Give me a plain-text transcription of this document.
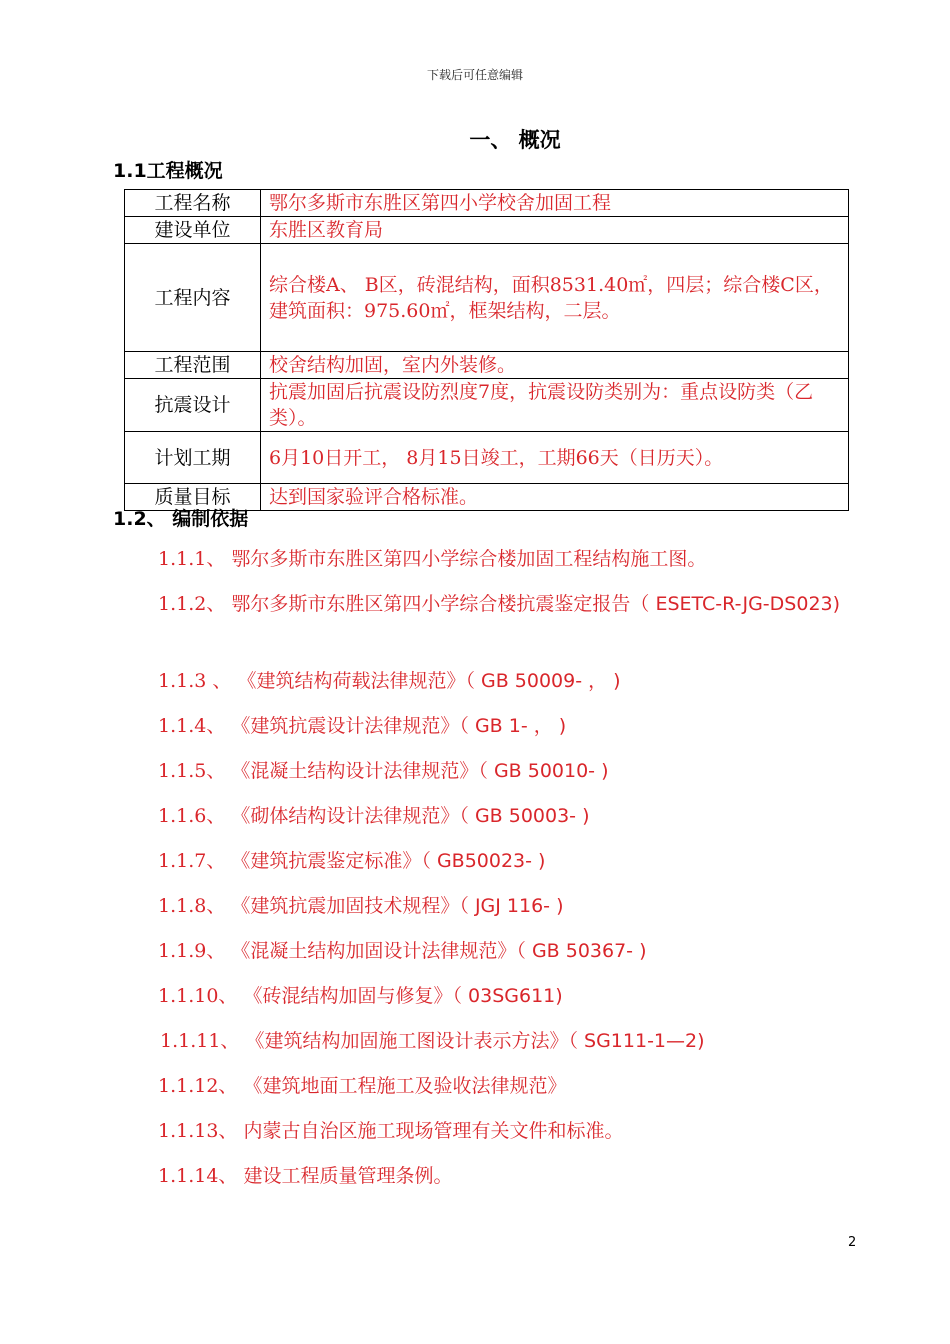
下载后可任意编辑
一、 概况
1.1工程概况
工程名称	鄂尔多斯市东胜区第四小学校舍加固工程
建设单位	东胜区教育局
工程内容	综合楼A、 B区，砖混结构，面积8531.40㎡，四层；综合楼C区，建筑面积：975.60㎡，框架结构，二层。
工程范围	校舍结构加固，室内外装修。
抗震设计	抗震加固后抗震设防烈度7度，抗震设防类别为：重点设防类（乙类）。
计划工期	6月10日开工， 8月15日竣工，工期66天（日历天）。
质量目标	达到国家验评合格标准。
1.2、 编制依据
1.1.1、 鄂尔多斯市东胜区第四小学综合楼加固工程结构施工图。
1.1.2、 鄂尔多斯市东胜区第四小学综合楼抗震鉴定报告（ ESETC-R-JG-DS023)
1.1.3 、 《建筑结构荷载法律规范》（ GB 50009- ， )
1.1.4、 《建筑抗震设计法律规范》（ GB 1- ， )
1.1.5、 《混凝土结构设计法律规范》（ GB 50010- )
1.1.6、 《砌体结构设计法律规范》（ GB 50003- )
1.1.7、 《建筑抗震鉴定标准》（ GB50023- )
1.1.8、 《建筑抗震加固技术规程》（ JGJ 116- )
1.1.9、 《混凝土结构加固设计法律规范》（ GB 50367- )
1.1.10、 《砖混结构加固与修复》（ 03SG611)
1.1.11、 《建筑结构加固施工图设计表示方法》（ SG111-1—2)
1.1.12、 《建筑地面工程施工及验收法律规范》
1.1.13、 内蒙古自治区施工现场管理有关文件和标准。
1.1.14、 建设工程质量管理条例。
2
